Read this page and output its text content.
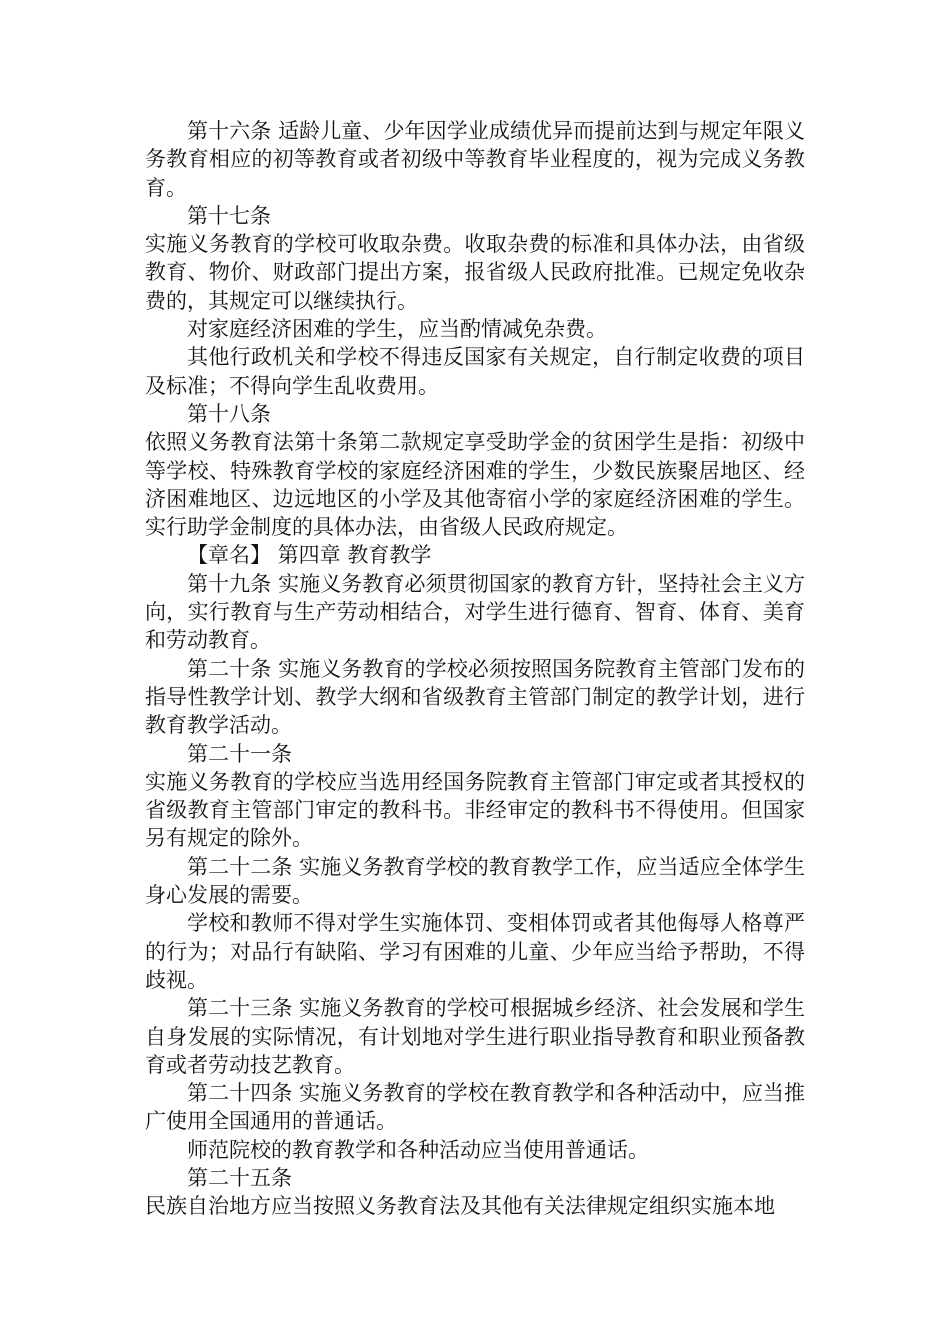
第十六条 适龄儿童、少年因学业成绩优异而提前达到与规定年限义务教育相应的初等教育或者初级中等教育毕业程度的，视为完成义务教育。

第十七条

实施义务教育的学校可收取杂费。收取杂费的标准和具体办法，由省级教育、物价、财政部门提出方案，报省级人民政府批准。已规定免收杂费的，其规定可以继续执行。

对家庭经济困难的学生，应当酌情减免杂费。

其他行政机关和学校不得违反国家有关规定，自行制定收费的项目及标准；不得向学生乱收费用。

第十八条

依照义务教育法第十条第二款规定享受助学金的贫困学生是指：初级中等学校、特殊教育学校的家庭经济困难的学生，少数民族聚居地区、经济困难地区、边远地区的小学及其他寄宿小学的家庭经济困难的学生。实行助学金制度的具体办法，由省级人民政府规定。

【章名】 第四章 教育教学

第十九条 实施义务教育必须贯彻国家的教育方针，坚持社会主义方向，实行教育与生产劳动相结合，对学生进行德育、智育、体育、美育和劳动教育。

第二十条 实施义务教育的学校必须按照国务院教育主管部门发布的指导性教学计划、教学大纲和省级教育主管部门制定的教学计划，进行教育教学活动。

第二十一条

实施义务教育的学校应当选用经国务院教育主管部门审定或者其授权的省级教育主管部门审定的教科书。非经审定的教科书不得使用。但国家另有规定的除外。

第二十二条 实施义务教育学校的教育教学工作，应当适应全体学生身心发展的需要。

学校和教师不得对学生实施体罚、变相体罚或者其他侮辱人格尊严的行为；对品行有缺陷、学习有困难的儿童、少年应当给予帮助，不得歧视。

第二十三条 实施义务教育的学校可根据城乡经济、社会发展和学生自身发展的实际情况，有计划地对学生进行职业指导教育和职业预备教育或者劳动技艺教育。

第二十四条 实施义务教育的学校在教育教学和各种活动中，应当推广使用全国通用的普通话。

师范院校的教育教学和各种活动应当使用普通话。

第二十五条

民族自治地方应当按照义务教育法及其他有关法律规定组织实施本地
